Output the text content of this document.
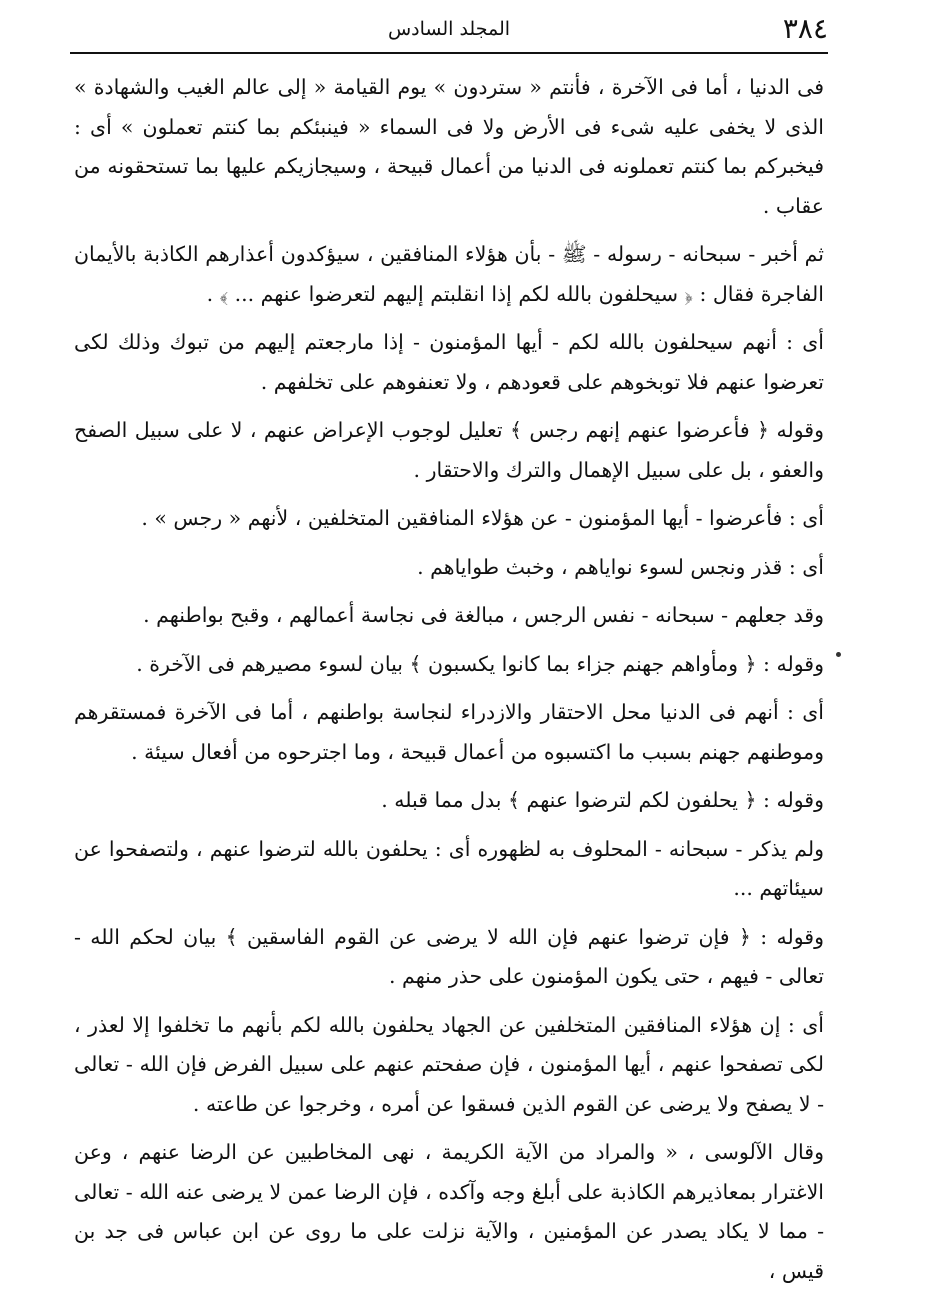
٣٨٤
المجلد السادس

فى الدنيا ، أما فى الآخرة ، فأنتم « ستردون » يوم القيامة « إلى عالم الغيب والشهادة » الذى لا يخفى عليه شىء فى الأرض ولا فى السماء « فينبئكم بما كنتم تعملون » أى : فيخبركم بما كنتم تعملونه فى الدنيا من أعمال قبيحة ، وسيجازيكم عليها بما تستحقونه من عقاب .

ثم أخبر - سبحانه - رسوله - ﷺ - بأن هؤلاء المنافقين ، سيؤكدون أعذارهم الكاذبة بالأيمان الفاجرة فقال : ﴿ سيحلفون بالله لكم إذا انقلبتم إليهم لتعرضوا عنهم ... ﴾ .

أى : أنهم سيحلفون بالله لكم - أيها المؤمنون - إذا مارجعتم إليهم من تبوك وذلك لكى تعرضوا عنهم فلا توبخوهم على قعودهم ، ولا تعنفوهم على تخلفهم .

وقوله ﴿ فأعرضوا عنهم إنهم رجس ﴾ تعليل لوجوب الإعراض عنهم ، لا على سبيل الصفح والعفو ، بل على سبيل الإهمال والترك والاحتقار .

أى : فأعرضوا - أيها المؤمنون - عن هؤلاء المنافقين المتخلفين ، لأنهم « رجس » .

أى : قذر ونجس لسوء نواياهم ، وخبث طواياهم .

وقد جعلهم - سبحانه - نفس الرجس ، مبالغة فى نجاسة أعمالهم ، وقبح بواطنهم .

وقوله : ﴿ ومأواهم جهنم جزاء بما كانوا يكسبون ﴾ بيان لسوء مصيرهم فى الآخرة .

أى : أنهم فى الدنيا محل الاحتقار والازدراء لنجاسة بواطنهم ، أما فى الآخرة فمستقرهم وموطنهم جهنم بسبب ما اكتسبوه من أعمال قبيحة ، وما اجترحوه من أفعال سيئة .

وقوله : ﴿ يحلفون لكم لترضوا عنهم ﴾ بدل مما قبله .

ولم يذكر - سبحانه - المحلوف به لظهوره أى : يحلفون بالله لترضوا عنهم ، ولتصفحوا عن سيئاتهم ...

وقوله : ﴿ فإن ترضوا عنهم فإن الله لا يرضى عن القوم الفاسقين ﴾ بيان لحكم الله - تعالى - فيهم ، حتى يكون المؤمنون على حذر منهم .

أى : إن هؤلاء المنافقين المتخلفين عن الجهاد يحلفون بالله لكم بأنهم ما تخلفوا إلا لعذر ، لكى تصفحوا عنهم ، أيها المؤمنون ، فإن صفحتم عنهم على سبيل الفرض فإن الله - تعالى - لا يصفح ولا يرضى عن القوم الذين فسقوا عن أمره ، وخرجوا عن طاعته .

وقال الآلوسى ، « والمراد من الآية الكريمة ، نهى المخاطبين عن الرضا عنهم ، وعن الاغترار بمعاذيرهم الكاذبة على أبلغ وجه وآكده ، فإن الرضا عمن لا يرضى عنه الله - تعالى - مما لا يكاد يصدر عن المؤمنين ، والآية نزلت على ما روى عن ابن عباس فى جد بن قيس ،
